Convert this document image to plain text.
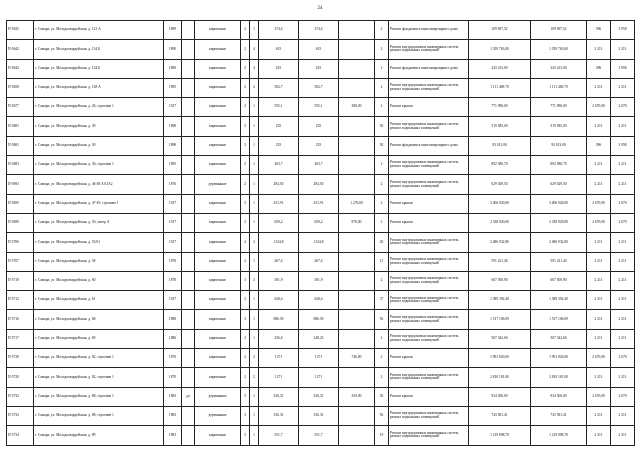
24
П-5635	г. Самара, ул. Молодогвардейская, д. 121 А	1899		кирпичные	2	1	274,4	274,4		2	Ремонт фундамента многоквартирного дома	109 697,52	109 697,52	396	3 958
П-5642	г. Самара, ул. Молодогвардейская, д. 134 Б	1890		кирпичные	2	4	615	615		2	Ремонт внутридомовых инженерных систем, ремонт подвальных помещений	1 359 763,00	1 359 763,00	2 211	2 211
П-5642	г. Самара, ул. Молодогвардейская, д. 134 Б	1890		кирпичные	2	4	615	615		2	Ремонт фундамента многоквартирного дома	243 413,00	243 413,00	396	3 958
П-5650	г. Самара, ул. Молодогвардейская, д. 148 А	1895		кирпичные	2	2	502,7	502,7		2	Ремонт внутридомовых инженерных систем, ремонт подвальных помещений	1 111 469,70	1 111 469,70	2 211	2 211
П-5677	г. Самара, ул. Молодогвардейская, д. 26, строение 1	1917		кирпичные	2	1	555,1	555,1	288,00	2	Ремонт крыши	771 096,00	771 096,00	2 670,00	2 670
П-5681	г. Самара, ул. Молодогвардейская, д. 30	1898		кирпичные	3	1	235	235		92	Ремонт внутридомовых инженерных систем, ремонт подвальных помещений	519 585,00	519 585,00	2 211	2 211
П-5681	г. Самара, ул. Молодогвардейская, д. 30	1898		кирпичные	3	1	235	235		92	Ремонт фундамента многоквартирного дома	93 013,00	93 013,00	396	3 958
П-5683	г. Самара, ул. Молодогвардейская, д. 36, строение 1	1895		кирпичные	2	1	403,7	403,7		2	Ремонт внутридомовых инженерных систем, ремонт подвальных помещений	892 580,70	892 580,70	2 211	2 211
П-5693	г. Самара, ул. Молодогвардейская, д. 46-48 АА1А2	1876		деревянные	2	1	284,50	284,50		2	Ремонт внутридомовых инженерных систем, ремонт подвальных помещений	629 029,50	629 029,50	2 211	2 211
П-5695	г. Самара, ул. Молодогвардейская, д. 47-49, строение 1	1917		кирпичные	3	1	611,91	611,91	1 276,00	2	Ремонт крыши	3 406 920,00	3 406 920,00	2 670,00	2 670
П-5699	г. Самара, ул. Молодогвардейская, д. 50, литер А	1917		кирпичные	2	1	659,2	659,2	876,00	2	Ремонт крыши	2 338 920,00	2 338 920,00	2 670,00	2 670
П-5706	г. Самара, ул. Молодогвардейская, д. 53/61	1917		кирпичные	4	3	1124,8	1124,8		45	Ремонт внутридомовых инженерных систем, ремонт подвальных помещений	2 486 932,80	2 486 932,80	2 211	2 211
П-5707	г. Самара, ул. Молодогвардейская, д. 58	1878		кирпичные	2	1	267,4	267,4		11	Ремонт внутридомовых инженерных систем, ремонт подвальных помещений	591 221,40	591 221,40	2 211	2 211
П-5710	г. Самара, ул. Молодогвардейская, д. 60	1878		кирпичные	3	2	301,9	301,9		2	Ремонт внутридомовых инженерных систем, ремонт подвальных помещений	667 500,90	667 500,90	2 211	2 211
П-5712	г. Самара, ул. Молодогвардейская, д. 61	1917		кирпичные	2	1	628,4	628,4		37	Ремонт внутридомовых инженерных систем, ремонт подвальных помещений	1 389 392,40	1 389 392,40	2 211	2 211
П-5716	г. Самара, ул. Молодогвардейская, д. 68	1888		кирпичные	3	1	686,39	686,39		92	Ремонт внутридомовых инженерных систем, ремонт подвальных помещений	1 517 106,09	1 517 106,09	2 211	2 211
П-5717	г. Самара, ул. Молодогвардейская, д. 69	1886		кирпичные	2	1	256,6	248,23		2	Ремонт внутридомовых инженерных систем, ремонт подвальных помещений	567 342,60	567 342,60	2 211	2 211
П-5729	г. Самара, ул. Молодогвардейская, д. 82, строение 1	1870		кирпичные	2	2	1271	1271	746,00	2	Ремонт крыши	1 991 820,00	1 991 820,00	2 670,00	2 670
П-5729	г. Самара, ул. Молодогвардейская, д. 82, строение 1	1870		кирпичные	2	2	1271	1271		2	Ремонт внутридомовых инженерных систем, ремонт подвальных помещений	2 810 181,00	2 810 181,00	2 211	2 211
П-5732	г. Самара, ул. Молодогвардейская, д. 88, строение 1	1883	да	деревянные	3	1	336,31	336,31	350,00	92	Ремонт крыши	934 500,00	934 500,00	2 670,00	2 670
П-5732	г. Самара, ул. Молодогвардейская, д. 88, строение 1	1883		деревянные	3	1	336,31	336,31		92	Ремонт внутридомовых инженерных систем, ремонт подвальных помещений	743 581,41	743 581,41	2 211	2 211
П-5734	г. Самара, ул. Молодогвардейская, д. 89	1883		кирпичные	3	1	551,7	551,7		19	Ремонт внутридомовых инженерных систем, ремонт подвальных помещений	1 219 808,70	1 219 808,70	2 211	2 211
